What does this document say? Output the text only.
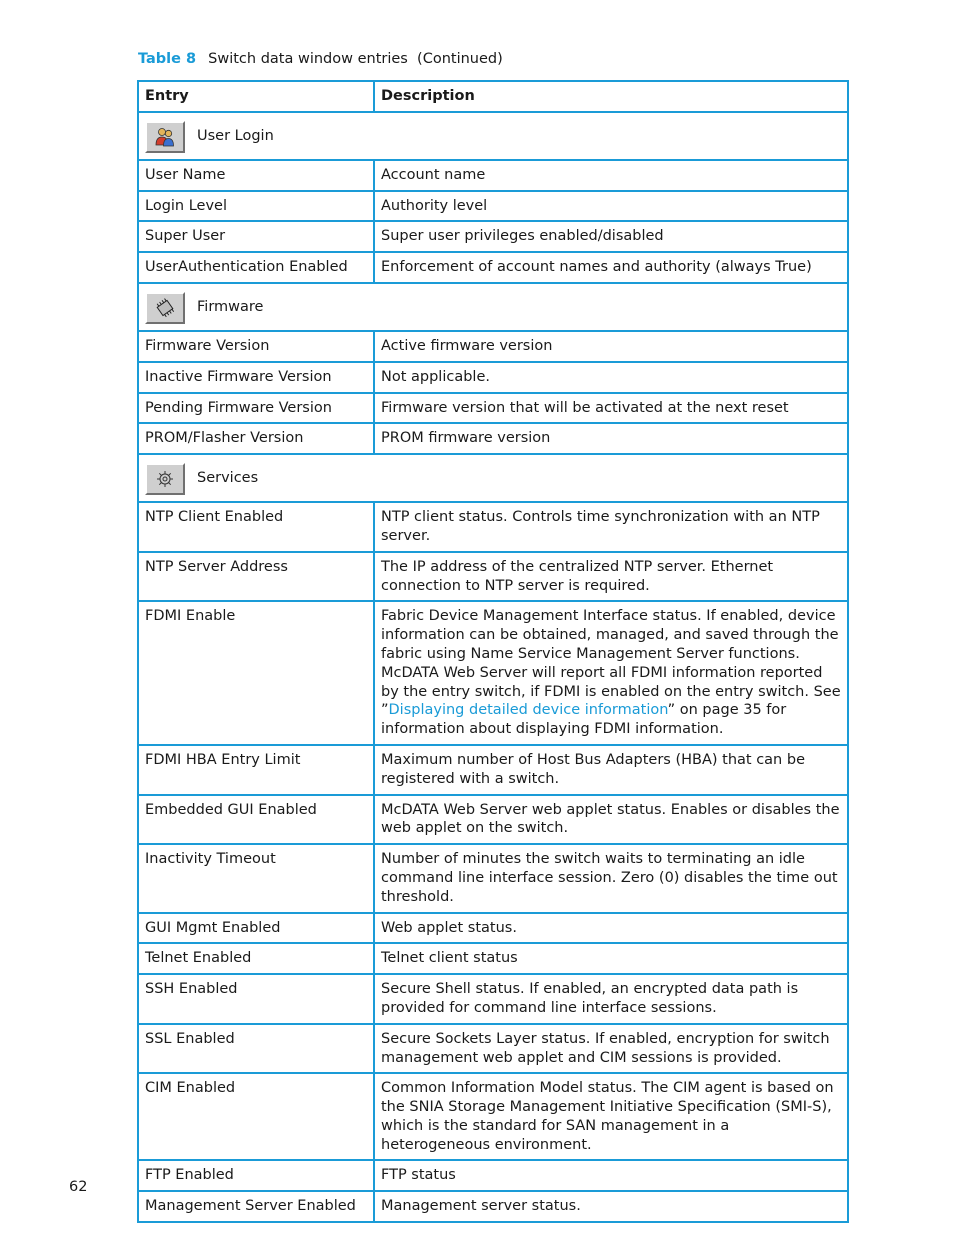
Table 8 Switch data window entries  (Continued)
Entry	Description
User Login
User Name	Account name
Login Level	Authority level
Super User	Super user privileges enabled/disabled
UserAuthentication Enabled	Enforcement of account names and authority (always True)
Firmware
Firmware Version	Active firmware version
Inactive Firmware Version	Not applicable.
Pending Firmware Version	Firmware version that will be activated at the next reset
PROM/Flasher Version	PROM firmware version
Services
NTP Client Enabled	NTP client status. Controls time synchronization with an NTP server.
NTP Server Address	The IP address of the centralized NTP server. Ethernet connection to NTP server is required.
FDMI Enable	Fabric Device Management Interface status. If enabled, device information can be obtained, managed, and saved through the fabric using Name Service Management Server functions. McDATA Web Server will report all FDMI information reported by the entry switch, if FDMI is enabled on the entry switch. See ”Displaying detailed device information” on page 35 for information about displaying FDMI information.
FDMI HBA Entry Limit	Maximum number of Host Bus Adapters (HBA) that can be registered with a switch.
Embedded GUI Enabled	McDATA Web Server web applet status. Enables or disables the web applet on the switch.
Inactivity Timeout	Number of minutes the switch waits to terminating an idle command line interface session. Zero (0) disables the time out threshold.
GUI Mgmt Enabled	Web applet status.
Telnet Enabled	Telnet client status
SSH Enabled	Secure Shell status. If enabled, an encrypted data path is provided for command line interface sessions.
SSL Enabled	Secure Sockets Layer status. If enabled, encryption for switch management web applet and CIM sessions is provided.
CIM Enabled	Common Information Model status. The CIM agent is based on the SNIA Storage Management Initiative Specification (SMI-S), which is the standard for SAN management in a heterogeneous environment.
FTP Enabled	FTP status
Management Server Enabled	Management server status.
62
